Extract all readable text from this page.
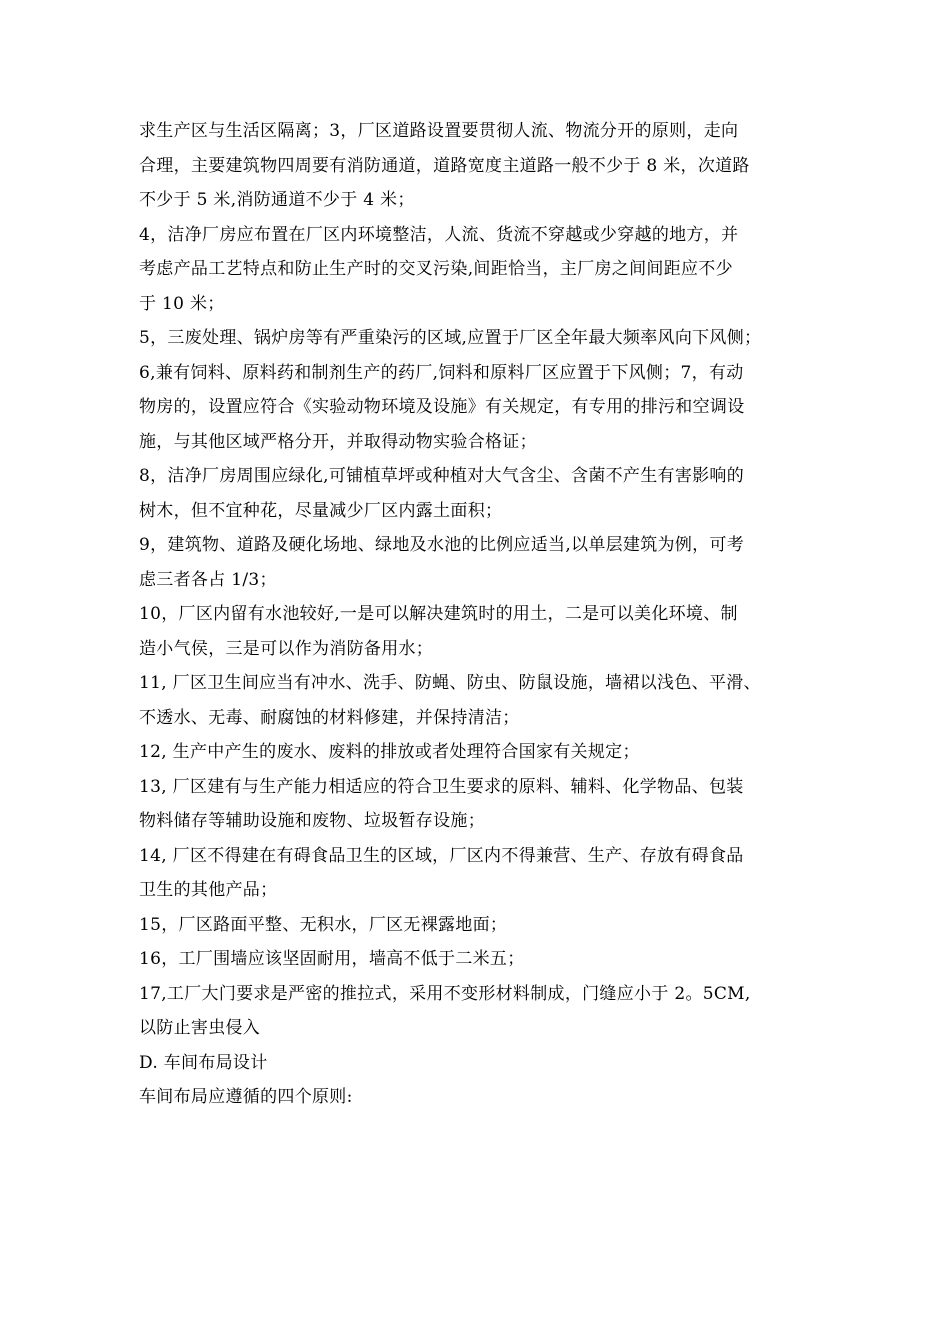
求生产区与生活区隔离；3，厂区道路设置要贯彻人流、物流分开的原则，走向
合理，主要建筑物四周要有消防通道，道路宽度主道路一般不少于 8 米，次道路
不少于 5 米,消防通道不少于 4 米；
4，洁净厂房应布置在厂区内环境整洁，人流、货流不穿越或少穿越的地方，并
考虑产品工艺特点和防止生产时的交叉污染,间距恰当，主厂房之间间距应不少
于 10 米；
5，三废处理、锅炉房等有严重染污的区域,应置于厂区全年最大频率风向下风侧；
6,兼有饲料、原料药和制剂生产的药厂,饲料和原料厂区应置于下风侧；7，有动
物房的，设置应符合《实验动物环境及设施》有关规定，有专用的排污和空调设
施，与其他区域严格分开，并取得动物实验合格证；
8，洁净厂房周围应绿化,可铺植草坪或种植对大气含尘、含菌不产生有害影响的
树木，但不宜种花，尽量减少厂区内露土面积；
9，建筑物、道路及硬化场地、绿地及水池的比例应适当,以单层建筑为例，可考
虑三者各占 1/3；
10，厂区内留有水池较好,一是可以解决建筑时的用土，二是可以美化环境、制
造小气侯，三是可以作为消防备用水；
11, 厂区卫生间应当有冲水、洗手、防蝇、防虫、防鼠设施，墙裙以浅色、平滑、
不透水、无毒、耐腐蚀的材料修建，并保持清洁；
12, 生产中产生的废水、废料的排放或者处理符合国家有关规定；
13, 厂区建有与生产能力相适应的符合卫生要求的原料、辅料、化学物品、包装
物料储存等辅助设施和废物、垃圾暂存设施；
14, 厂区不得建在有碍食品卫生的区域，厂区内不得兼营、生产、存放有碍食品
卫生的其他产品；
15，厂区路面平整、无积水，厂区无裸露地面；
16，工厂围墙应该坚固耐用，墙高不低于二米五；
17,工厂大门要求是严密的推拉式，采用不变形材料制成，门缝应小于 2。5CM,
以防止害虫侵入
D. 车间布局设计
车间布局应遵循的四个原则:
